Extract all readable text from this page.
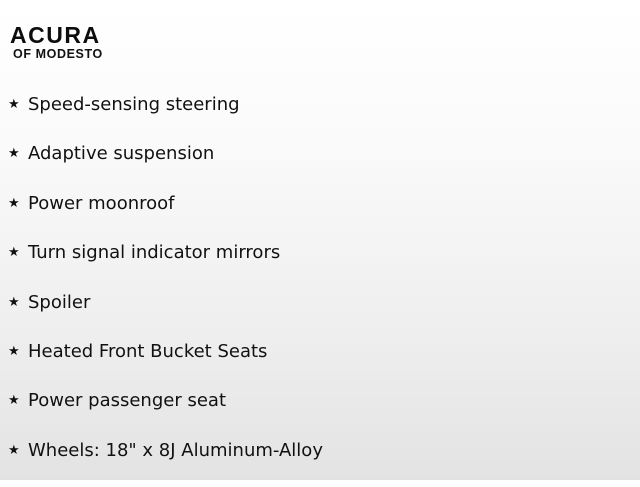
ACURA
OF MODESTO
★ Speed-sensing steering
★ Adaptive suspension
★ Power moonroof
★ Turn signal indicator mirrors
★ Spoiler
★ Heated Front Bucket Seats
★ Power passenger seat
★ Wheels: 18" x 8J Aluminum-Alloy
